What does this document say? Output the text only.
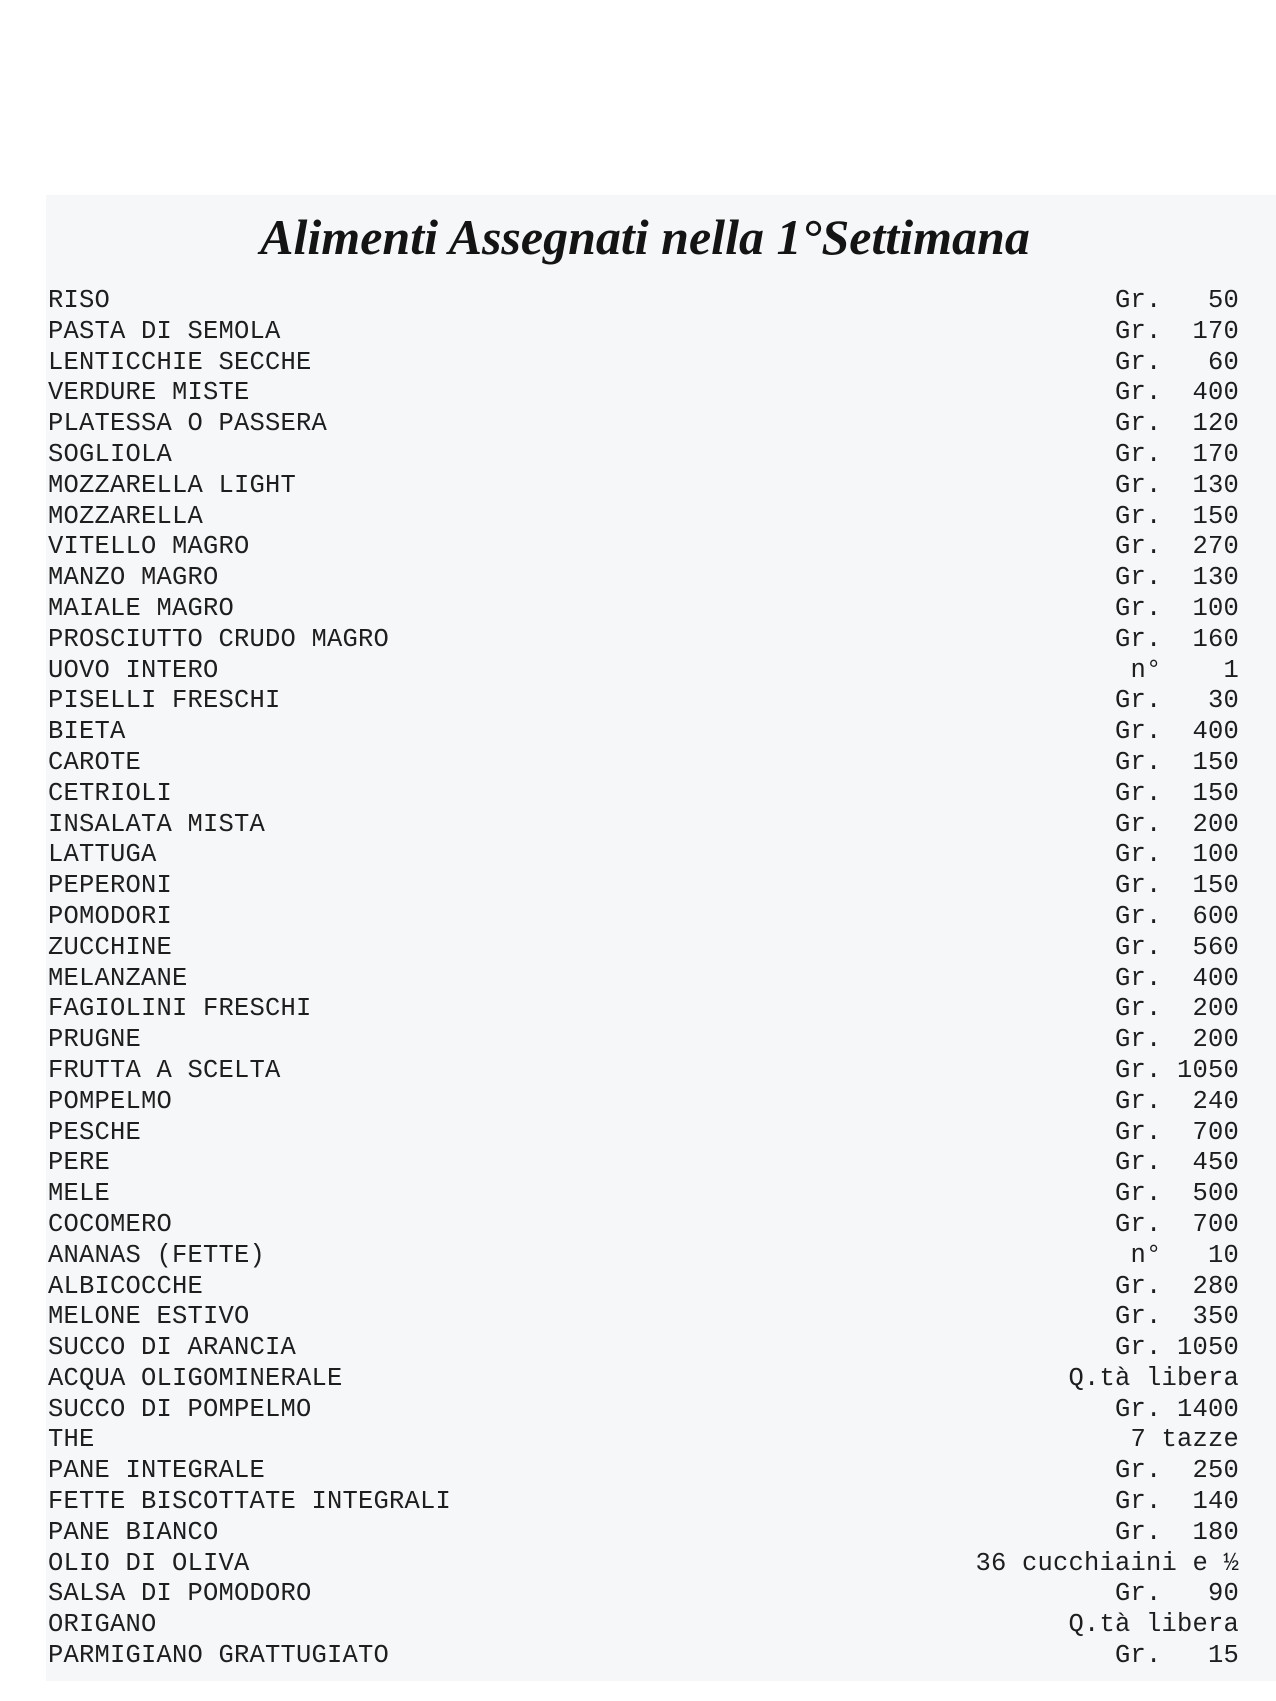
Alimenti Assegnati nella 1°Settimana
RISO	Gr.   50
PASTA DI SEMOLA	Gr.  170
LENTICCHIE SECCHE	Gr.   60
VERDURE MISTE	Gr.  400
PLATESSA O PASSERA	Gr.  120
SOGLIOLA	Gr.  170
MOZZARELLA LIGHT	Gr.  130
MOZZARELLA	Gr.  150
VITELLO MAGRO	Gr.  270
MANZO MAGRO	Gr.  130
MAIALE MAGRO	Gr.  100
PROSCIUTTO CRUDO MAGRO	Gr.  160
UOVO INTERO	n°    1
PISELLI FRESCHI	Gr.   30
BIETA	Gr.  400
CAROTE	Gr.  150
CETRIOLI	Gr.  150
INSALATA MISTA	Gr.  200
LATTUGA	Gr.  100
PEPERONI	Gr.  150
POMODORI	Gr.  600
ZUCCHINE	Gr.  560
MELANZANE	Gr.  400
FAGIOLINI FRESCHI	Gr.  200
PRUGNE	Gr.  200
FRUTTA A SCELTA	Gr. 1050
POMPELMO	Gr.  240
PESCHE	Gr.  700
PERE	Gr.  450
MELE	Gr.  500
COCOMERO	Gr.  700
ANANAS (FETTE)	n°   10
ALBICOCCHE	Gr.  280
MELONE ESTIVO	Gr.  350
SUCCO DI ARANCIA	Gr. 1050
ACQUA OLIGOMINERALE	Q.tà libera
SUCCO DI POMPELMO	Gr. 1400
THE	7 tazze
PANE INTEGRALE	Gr.  250
FETTE BISCOTTATE INTEGRALI	Gr.  140
PANE BIANCO	Gr.  180
OLIO DI OLIVA	36 cucchiaini e ½
SALSA DI POMODORO	Gr.   90
ORIGANO	Q.tà libera
PARMIGIANO GRATTUGIATO	Gr.   15
